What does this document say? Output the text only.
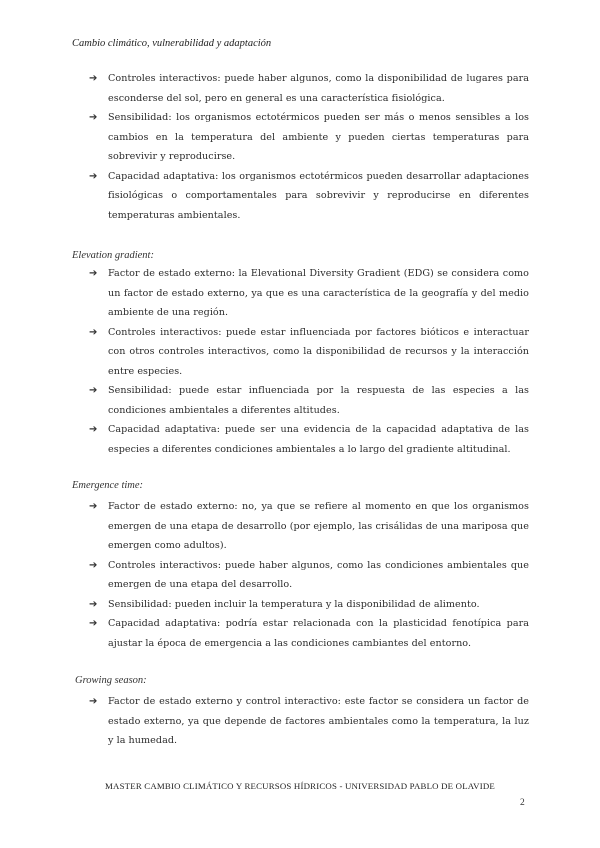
Cambio climático, vulnerabilidad y adaptación
➔ Controles interactivos: puede haber algunos, como la disponibilidad de lugares para esconderse del sol, pero en general es una característica fisiológica.
➔ Sensibilidad: los organismos ectotérmicos pueden ser más o menos sensibles a los cambios en la temperatura del ambiente y pueden ciertas temperaturas para sobrevivir y reproducirse.
➔ Capacidad adaptativa: los organismos ectotérmicos pueden desarrollar adaptaciones fisiológicas o comportamentales para sobrevivir y reproducirse en diferentes temperaturas ambientales.
Elevation gradient:
➔ Factor de estado externo: la Elevational Diversity Gradient (EDG) se considera como un factor de estado externo, ya que es una característica de la geografía y del medio ambiente de una región.
➔ Controles interactivos: puede estar influenciada por factores bióticos e interactuar con otros controles interactivos, como la disponibilidad de recursos y la interacción entre especies.
➔ Sensibilidad: puede estar influenciada por la respuesta de las especies a las condiciones ambientales a diferentes altitudes.
➔ Capacidad adaptativa: puede ser una evidencia de la capacidad adaptativa de las especies a diferentes condiciones ambientales a lo largo del gradiente altitudinal.
Emergence time:
➔ Factor de estado externo: no, ya que se refiere al momento en que los organismos emergen de una etapa de desarrollo (por ejemplo, las crisálidas de una mariposa que emergen como adultos).
➔ Controles interactivos: puede haber algunos, como las condiciones ambientales que emergen de una etapa del desarrollo.
➔ Sensibilidad: pueden incluir la temperatura y la disponibilidad de alimento.
➔ Capacidad adaptativa: podría estar relacionada con la plasticidad fenotípica para ajustar la época de emergencia a las condiciones cambiantes del entorno.
Growing season:
➔ Factor de estado externo y control interactivo: este factor se considera un factor de estado externo, ya que depende de factores ambientales como la temperatura, la luz y la humedad.
MASTER CAMBIO CLIMÁTICO Y RECURSOS HÍDRICOS - UNIVERSIDAD PABLO DE OLAVIDE
2
